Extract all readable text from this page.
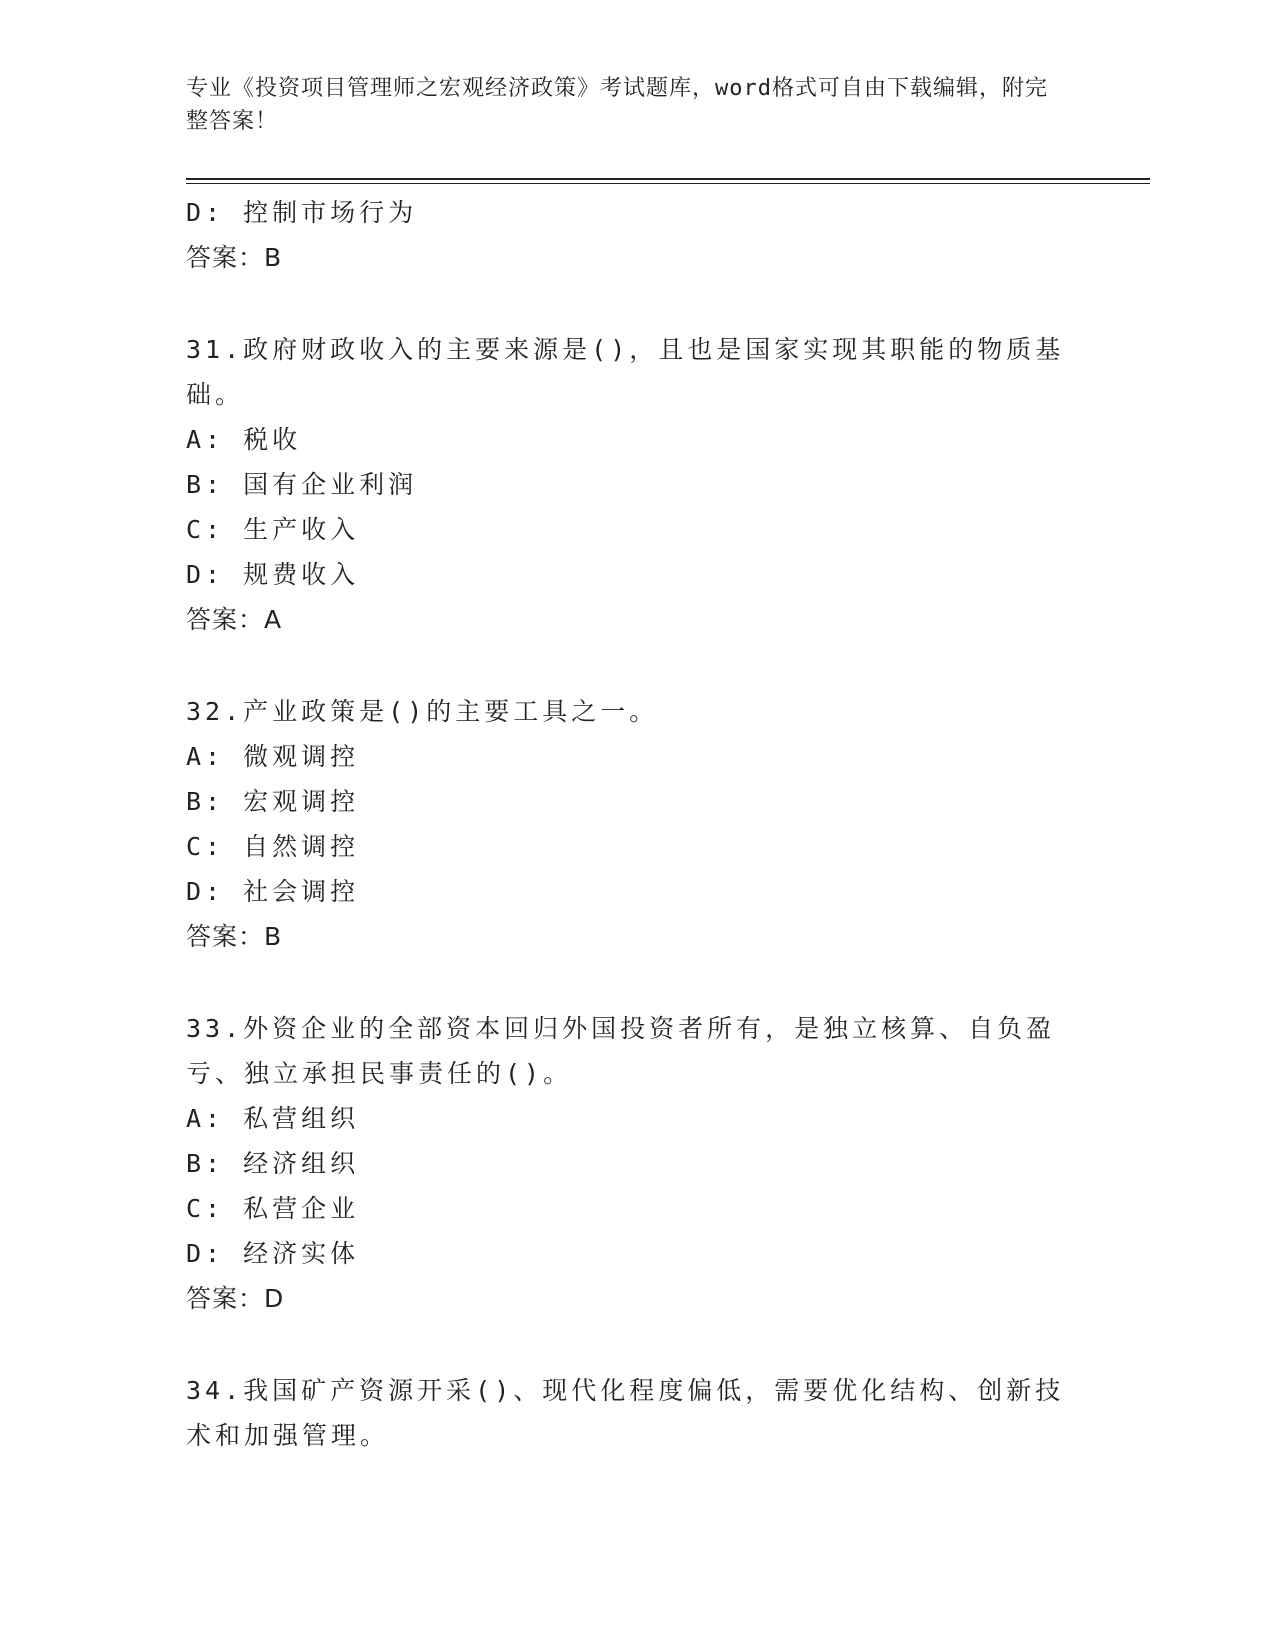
专业《投资项目管理师之宏观经济政策》考试题库，word格式可自由下载编辑，附完整答案！
D: 控制市场行为
答案：B
31.政府财政收入的主要来源是()，且也是国家实现其职能的物质基础。
A: 税收
B: 国有企业利润
C: 生产收入
D: 规费收入
答案：A
32.产业政策是()的主要工具之一。
A: 微观调控
B: 宏观调控
C: 自然调控
D: 社会调控
答案：B
33.外资企业的全部资本回归外国投资者所有，是独立核算、自负盈亏、独立承担民事责任的()。
A: 私营组织
B: 经济组织
C: 私营企业
D: 经济实体
答案：D
34.我国矿产资源开采()、现代化程度偏低，需要优化结构、创新技术和加强管理。
